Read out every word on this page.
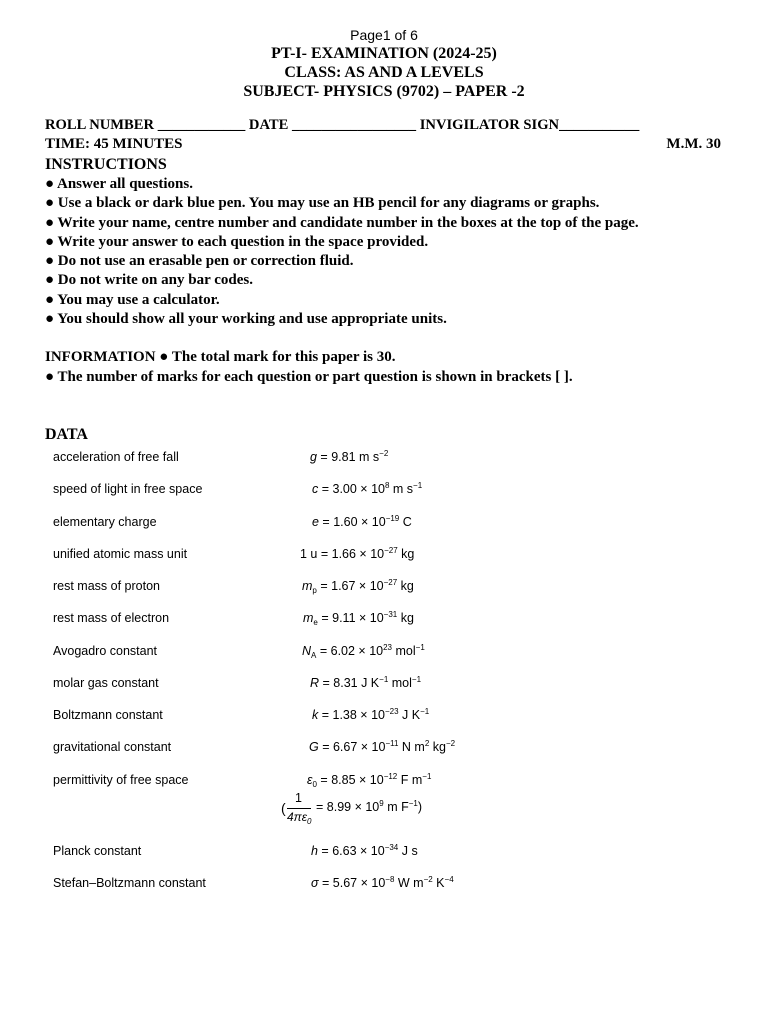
Page1 of 6
PT-I- EXAMINATION (2024-25)
CLASS: AS AND A LEVELS
SUBJECT- PHYSICS (9702) – PAPER -2
ROLL NUMBER ____________ DATE _________________ INVIGILATOR SIGN___________
TIME: 45 MINUTES	M.M. 30
INSTRUCTIONS
● Answer all questions.
● Use a black or dark blue pen. You may use an HB pencil for any diagrams or graphs.
● Write your name, centre number and candidate number in the boxes at the top of the page.
● Write your answer to each question in the space provided.
● Do not use an erasable pen or correction fluid.
● Do not write on any bar codes.
● You may use a calculator.
● You should show all your working and use appropriate units.
INFORMATION ● The total mark for this paper is 30.
● The number of marks for each question or part question is shown in brackets [ ].
DATA
acceleration of free fall	g = 9.81 m $s^{-2}$
speed of light in free space	$c = 3.00 \times 10^8$ m $s^{-1}$
elementary charge	$e = 1.60 \times 10^{-19}$ C
unified atomic mass unit	1 $u = 1.66 \times 10^{-27}$ kg
rest mass of proton	$m_p = 1.67 \times 10^{-27}$ kg
rest mass of electron	$m_e = 9.11 \times 10^{-31}$ kg
Avogadro constant	$N_A = 6.02 \times 10^{23}$ mol$^{-1}$
molar gas constant	R = 8.31 J $K^{-1}$ mol$^{-1}$
Boltzmann constant	$k = 1.38 \times 10^{-23}$ J $K^{-1}$
gravitational constant	$G = 6.67 \times 10^{-11}$ N $m^2$ $kg^{-2}$
permittivity of free space	$\varepsilon_0 = 8.85 \times 10^{-12}$ F $m^{-1}$
Planck constant	$h = 6.63 \times 10^{-34}$ J s
Stefan–Boltzmann constant	$\sigma = 5.67 \times 10^{-8}$ W $m^{-2}$ $K^{-4}$
(
1
$4\pi\varepsilon_0$
= $8.99 \times 10^9$ m $F^{-1}$)
